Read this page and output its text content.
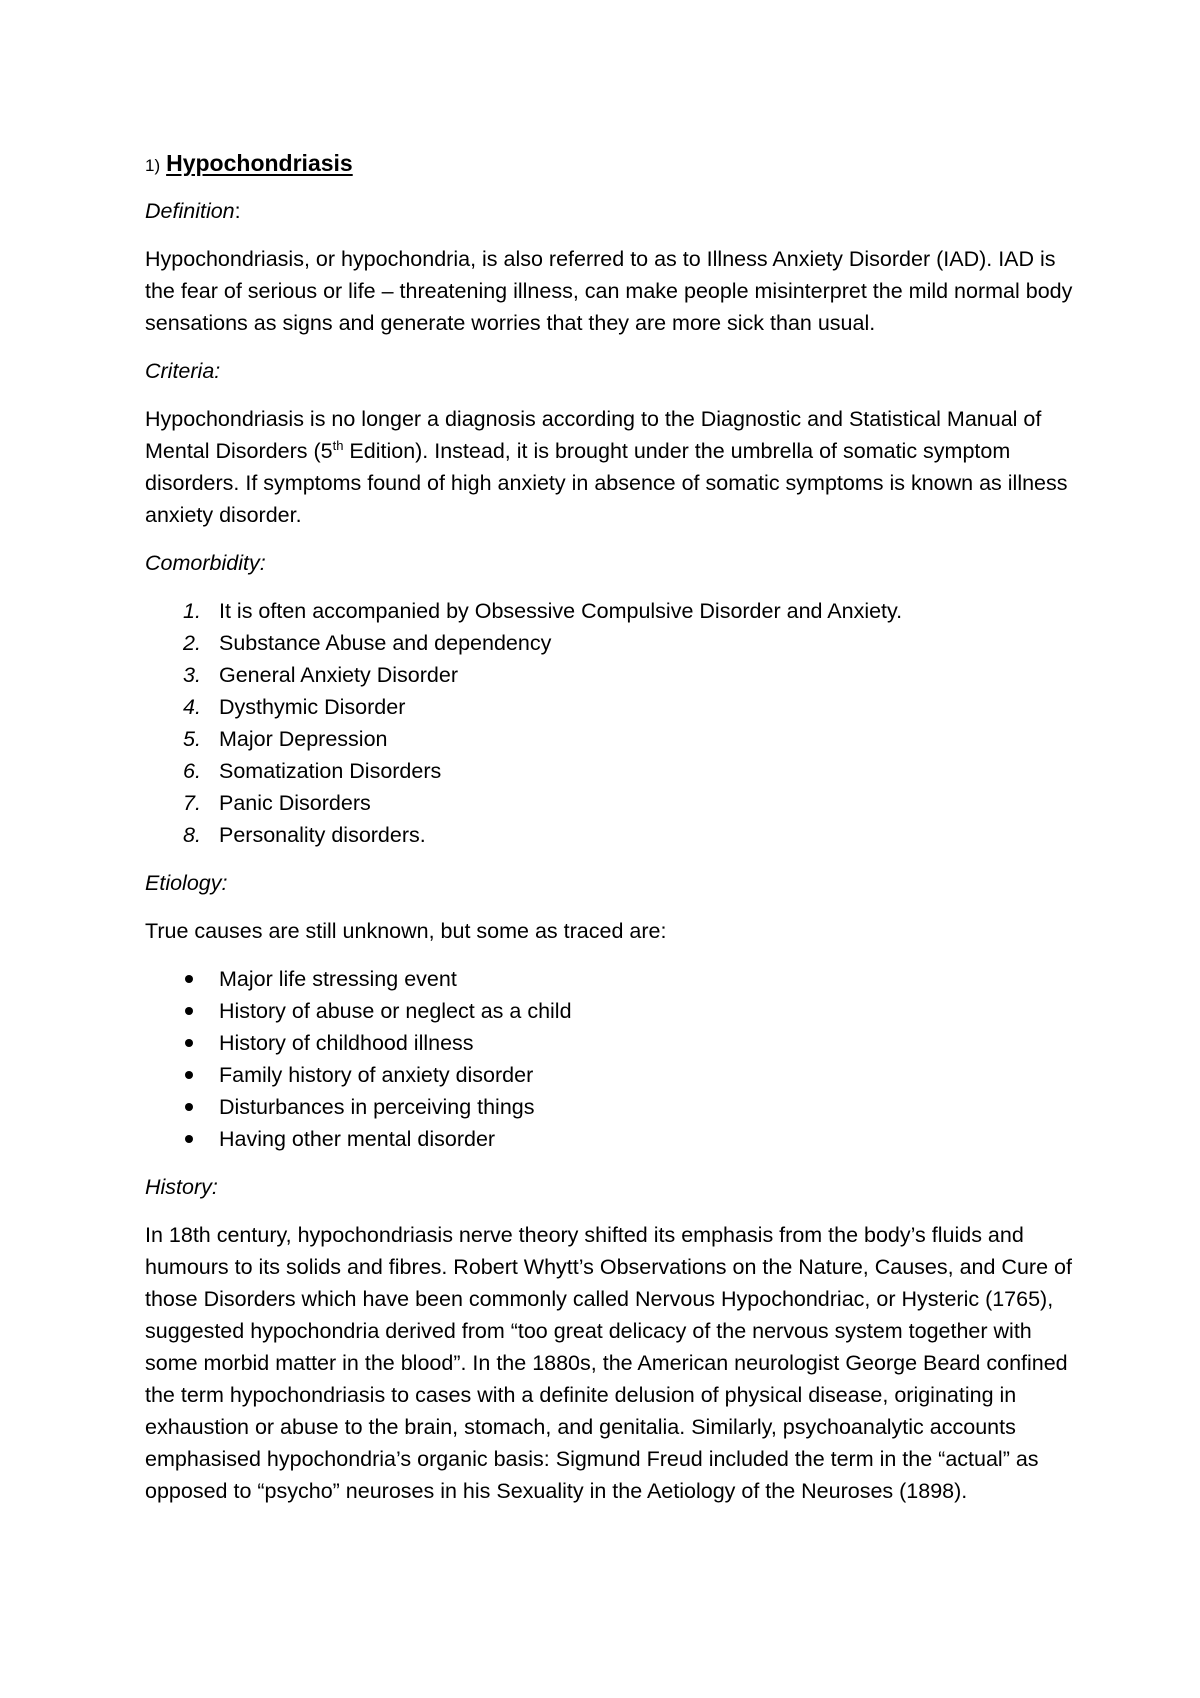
1) Hypochondriasis
Definition:
Hypochondriasis, or hypochondria, is also referred to as to Illness Anxiety Disorder (IAD). IAD is the fear of serious or life – threatening illness, can make people misinterpret the mild normal body sensations as signs and generate worries that they are more sick than usual.
Criteria:
Hypochondriasis is no longer a diagnosis according to the Diagnostic and Statistical Manual of Mental Disorders (5th Edition). Instead, it is brought under the umbrella of somatic symptom disorders. If symptoms found of high anxiety in absence of somatic symptoms is known as illness anxiety disorder.
Comorbidity:
1. It is often accompanied by Obsessive Compulsive Disorder and Anxiety.
2. Substance Abuse and dependency
3. General Anxiety Disorder
4. Dysthymic Disorder
5. Major Depression
6. Somatization Disorders
7. Panic Disorders
8. Personality disorders.
Etiology:
True causes are still unknown, but some as traced are:
Major life stressing event
History of abuse or neglect as a child
History of childhood illness
Family history of anxiety disorder
Disturbances in perceiving things
Having other mental disorder
History:
In 18th century, hypochondriasis nerve theory shifted its emphasis from the body’s fluids and humours to its solids and fibres. Robert Whytt’s Observations on the Nature, Causes, and Cure of those Disorders which have been commonly called Nervous Hypochondriac, or Hysteric (1765), suggested hypochondria derived from “too great delicacy of the nervous system together with some morbid matter in the blood”. In the 1880s, the American neurologist George Beard confined the term hypochondriasis to cases with a definite delusion of physical disease, originating in exhaustion or abuse to the brain, stomach, and genitalia. Similarly, psychoanalytic accounts emphasised hypochondria’s organic basis: Sigmund Freud included the term in the “actual” as opposed to “psycho” neuroses in his Sexuality in the Aetiology of the Neuroses (1898).
